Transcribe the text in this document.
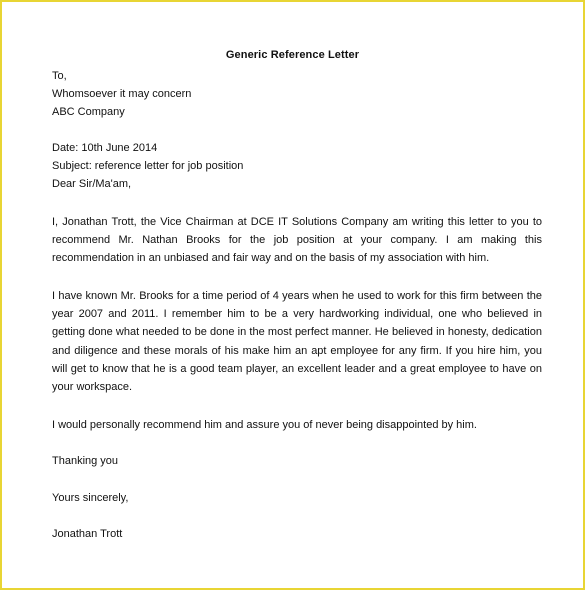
Generic Reference Letter
To,
Whomsoever it may concern
ABC Company
Date: 10th June 2014
Subject: reference letter for job position
Dear Sir/Ma'am,
I, Jonathan Trott, the Vice Chairman at DCE IT Solutions Company am writing this letter to you to recommend Mr. Nathan Brooks for the job position at your company. I am making this recommendation in an unbiased and fair way and on the basis of my association with him.
I have known Mr. Brooks for a time period of 4 years when he used to work for this firm between the year 2007 and 2011. I remember him to be a very hardworking individual, one who believed in getting done what needed to be done in the most perfect manner. He believed in honesty, dedication and diligence and these morals of his make him an apt employee for any firm. If you hire him, you will get to know that he is a good team player, an excellent leader and a great employee to have on your workspace.
I would personally recommend him and assure you of never being disappointed by him.
Thanking you
Yours sincerely,
Jonathan Trott
